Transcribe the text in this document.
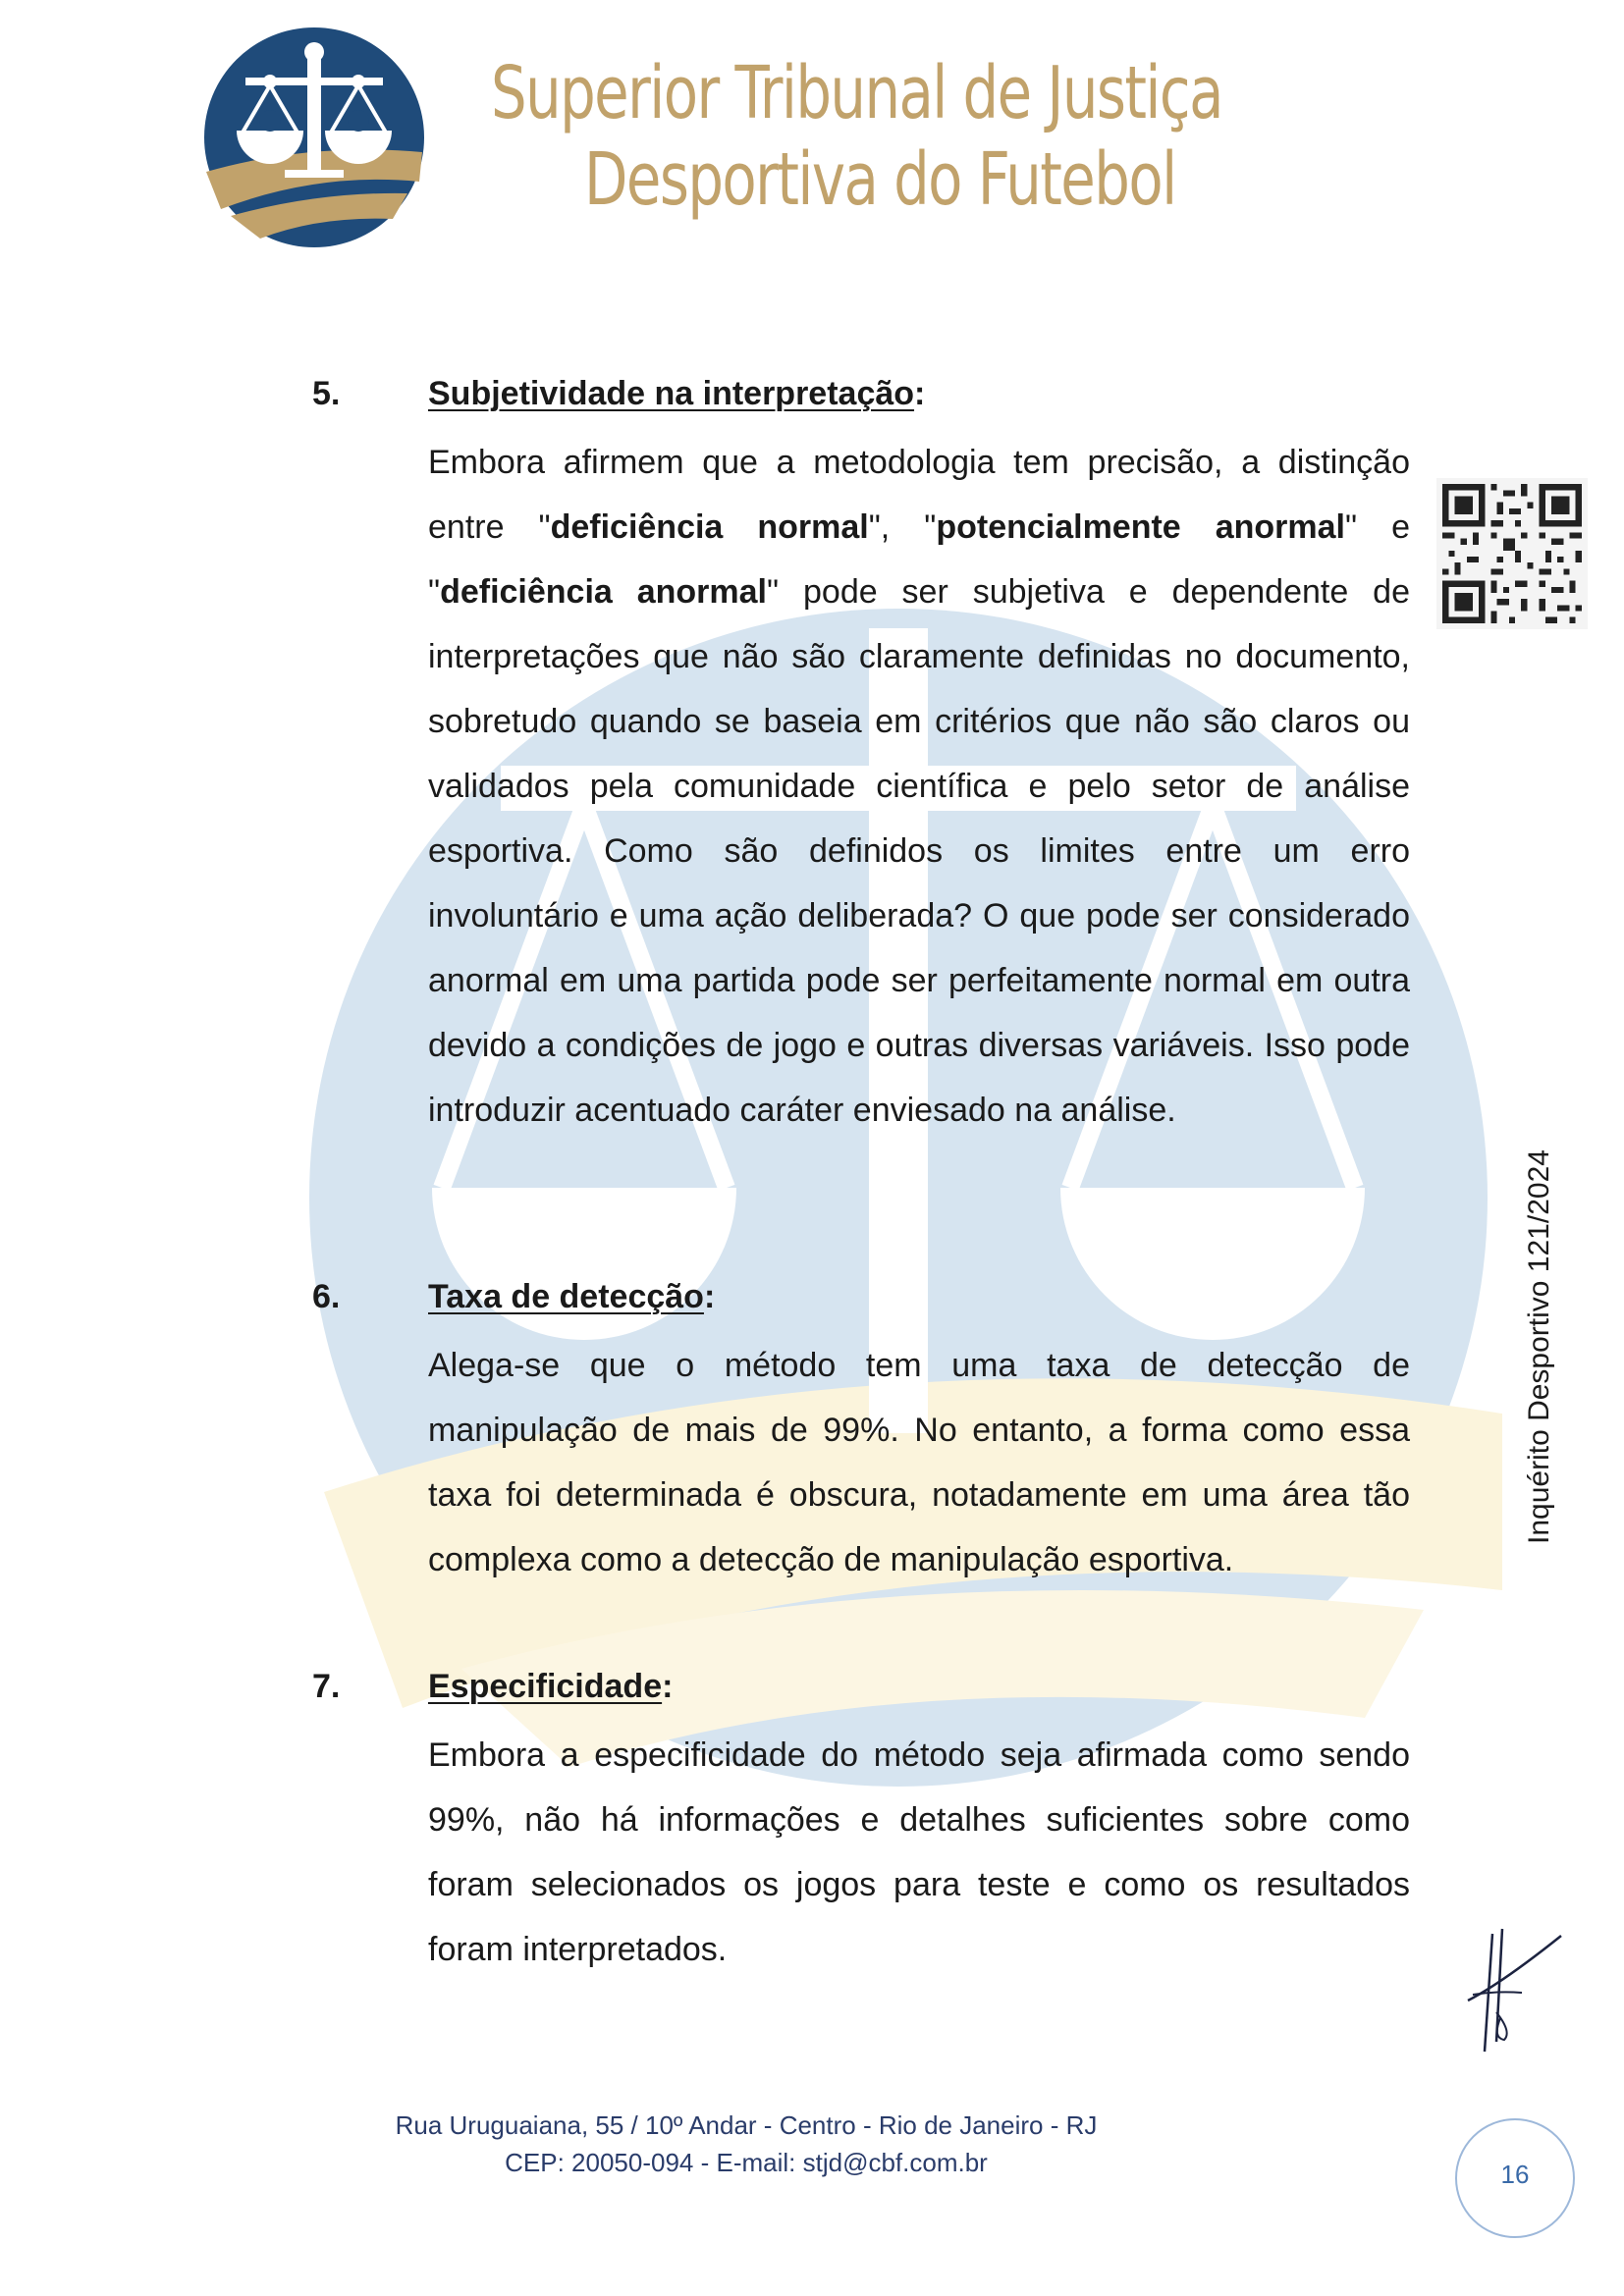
Superior Tribunal de Justiça
Desportiva do Futebol
Inquérito Desportivo 121/2024
5.	Subjetividade na interpretação:
Embora afirmem que a metodologia tem precisão, a distinção entre "deficiência normal", "potencialmente anormal" e "deficiência anormal" pode ser subjetiva e dependente de interpretações que não são claramente definidas no documento, sobretudo quando se baseia em critérios que não são claros ou validados pela comunidade científica e pelo setor de análise esportiva. Como são definidos os limites entre um erro involuntário e uma ação deliberada? O que pode ser considerado anormal em uma partida pode ser perfeitamente normal em outra devido a condições de jogo e outras diversas variáveis. Isso pode introduzir acentuado caráter enviesado na análise.
6.	Taxa de detecção:
Alega-se que o método tem uma taxa de detecção de manipulação de mais de 99%. No entanto, a forma como essa taxa foi determinada é obscura, notadamente em uma área tão complexa como a detecção de manipulação esportiva.
7.	Especificidade:
Embora a especificidade do método seja afirmada como sendo 99%, não há informações e detalhes suficientes sobre como foram selecionados os jogos para teste e como os resultados foram interpretados.
Rua Uruguaiana, 55 / 10º Andar - Centro - Rio de Janeiro - RJ
CEP: 20050-094 - E-mail: stjd@cbf.com.br	16
